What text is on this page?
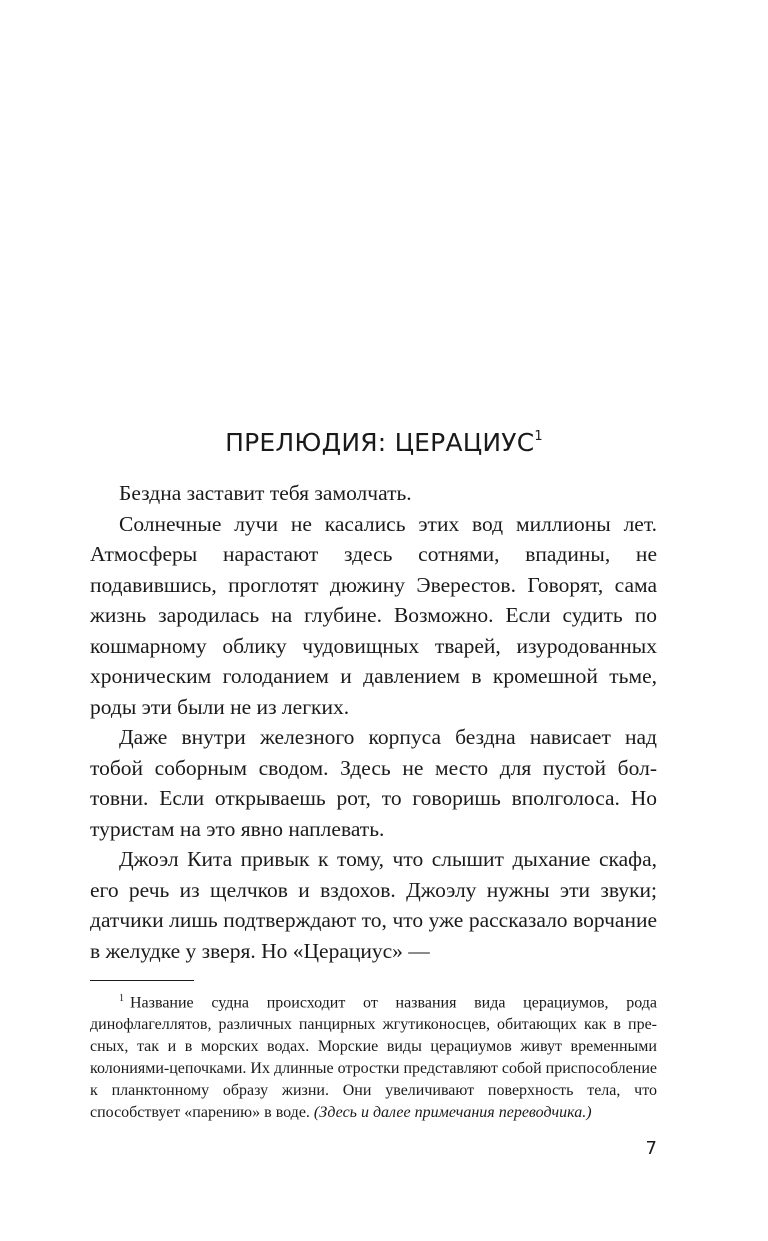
ПРЕЛЮДИЯ: ЦЕРАЦИУС$^1$

Бездна заставит тебя замолчать.

Солнечные лучи не касались этих вод миллионы лет. Атмосферы нарастают здесь сотнями, впадины, не подавившись, проглотят дюжину Эверестов. Говорят, сама жизнь зародилась на глубине. Возможно. Если судить по кошмарному облику чудовищных тварей, изуродованных хроническим голоданием и давлением в кромешной тьме, роды эти были не из легких.

Даже внутри железного корпуса бездна нависает над тобой соборным сводом. Здесь не место для пустой болтовни. Если открываешь рот, то говоришь вполголоса. Но туристам на это явно наплевать.

Джоэл Кита привык к тому, что слышит дыхание скафа, его речь из щелчков и вздохов. Джоэлу нужны эти звуки; датчики лишь подтверждают то, что уже рассказало ворчание в желудке у зверя. Но «Церациус» —

$^1$ Название судна происходит от названия вида церациумов, рода динофлагеллятов, различных панцирных жгутиконосцев, обитающих как в пресных, так и в морских водах. Морские виды церациумов живут временными колониями-цепочками. Их длинные отростки представляют собой приспособление к планктонному образу жизни. Они увеличивают поверхность тела, что способствует «парению» в воде. (Здесь и далее примечания переводчика.)

7
